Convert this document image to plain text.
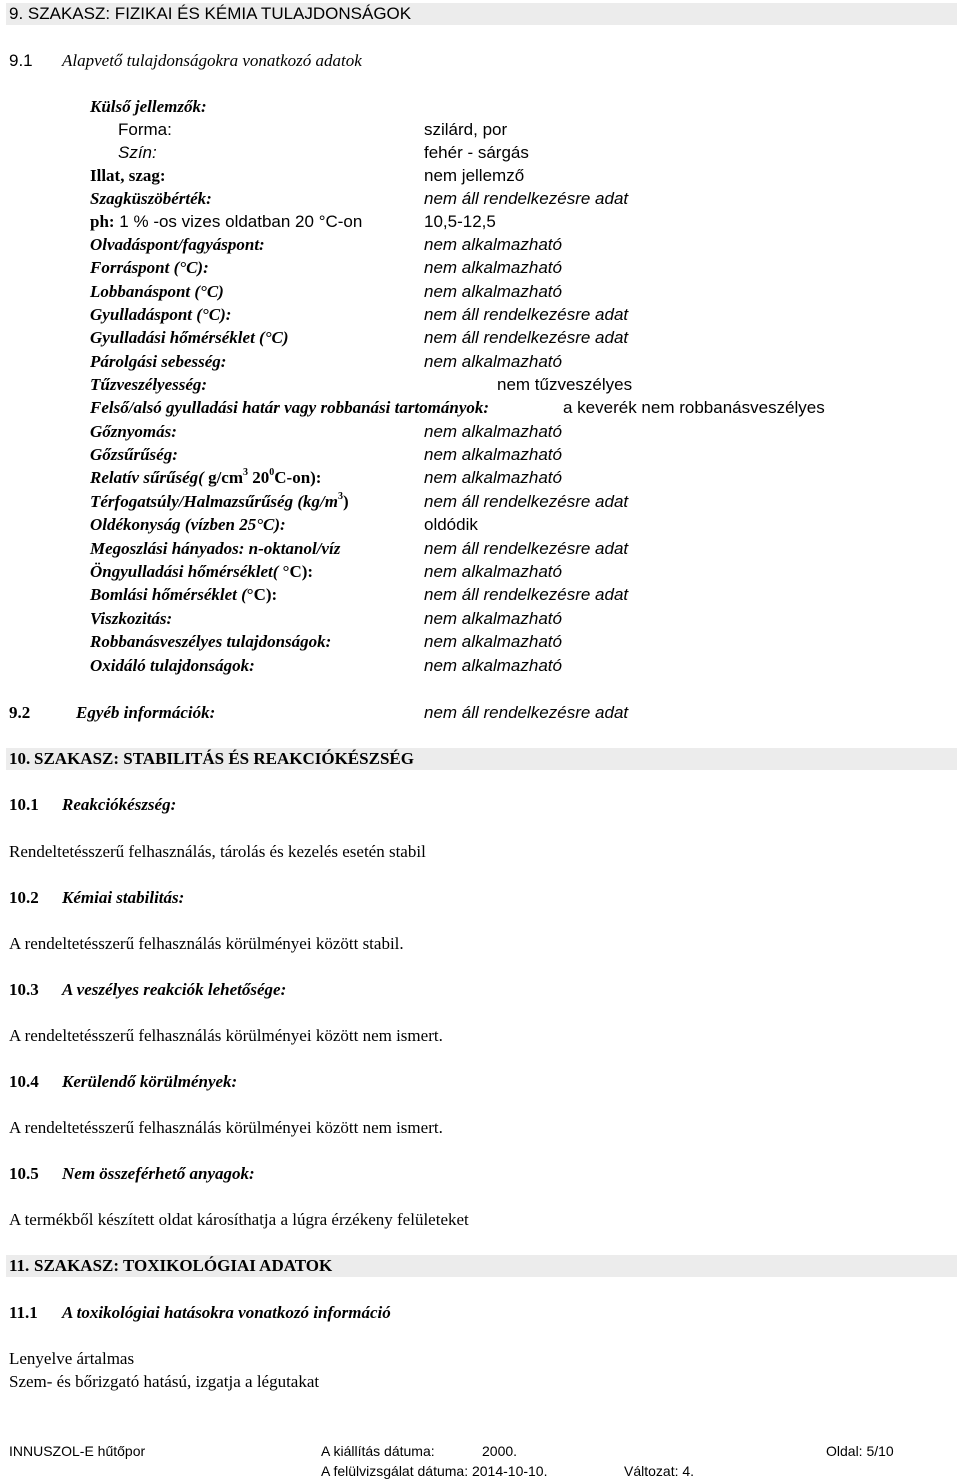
9. SZAKASZ: FIZIKAI ÉS KÉMIA TULAJDONSÁGOK
9.1 Alapvető tulajdonságokra vonatkozó adatok
Külső jellemzők:
Forma:	szilárd, por
Szín:	fehér - sárgás
Illat, szag:	nem jellemző
Szagküszöbérték:	nem áll rendelkezésre adat
ph: 1 % -os vizes oldatban 20 °C-on	10,5-12,5
Olvadáspont/fagyáspont:	nem alkalmazható
Forráspont (°C):	nem alkalmazható
Lobbanáspont (°C)	nem alkalmazható
Gyulladáspont (°C):	nem áll rendelkezésre adat
Gyulladási hőmérséklet (°C)	nem áll rendelkezésre adat
Párolgási sebesség:	nem alkalmazható
Tűzveszélyesség:	nem tűzveszélyes
Felső/alsó gyulladási határ vagy robbanási tartományok:	a keverék nem robbanásveszélyes
Gőznyomás:	nem alkalmazható
Gőzsűrűség:	nem alkalmazható
Relatív sűrűség( $g/cm^3$ $20^0C-on$):	nem alkalmazható
Térfogatsúly/Halmazsűrűség $(kg/m^3)$	nem áll rendelkezésre adat
Oldékonyság (vízben 25°C):	oldódik
Megoszlási hányados: n-oktanol/víz	nem áll rendelkezésre adat
Öngyulladási hőmérséklet( °C):	nem alkalmazható
Bomlási hőmérséklet (°C):	nem áll rendelkezésre adat
Viszkozitás:	nem alkalmazható
Robbanásveszélyes tulajdonságok:	nem alkalmazható
Oxidáló tulajdonságok:	nem alkalmazható
9.2	Egyéb információk:	nem áll rendelkezésre adat
10. SZAKASZ: STABILITÁS ÉS REAKCIÓKÉSZSÉG
10.1 Reakciókészség:
Rendeltetésszerű felhasználás, tárolás és kezelés esetén stabil
10.2 Kémiai stabilitás:
A rendeltetésszerű felhasználás körülményei között stabil.
10.3 A veszélyes reakciók lehetősége:
A rendeltetésszerű felhasználás körülményei között nem ismert.
10.4 Kerülendő körülmények:
A rendeltetésszerű felhasználás körülményei között nem ismert.
10.5 Nem összeférhető anyagok:
A termékből készített oldat károsíthatja a lúgra érzékeny felületeket
11. SZAKASZ: TOXIKOLÓGIAI ADATOK
11.1 A toxikológiai hatásokra vonatkozó információ
Lenyelve ártalmas
Szem- és bőrizgató hatású, izgatja a légutakat
INNUSZOL-E hűtőpor	A kiállítás dátuma:	2000.	Oldal: 5/10
A felülvizsgálat dátuma: 2014-10-10.	Változat: 4.
